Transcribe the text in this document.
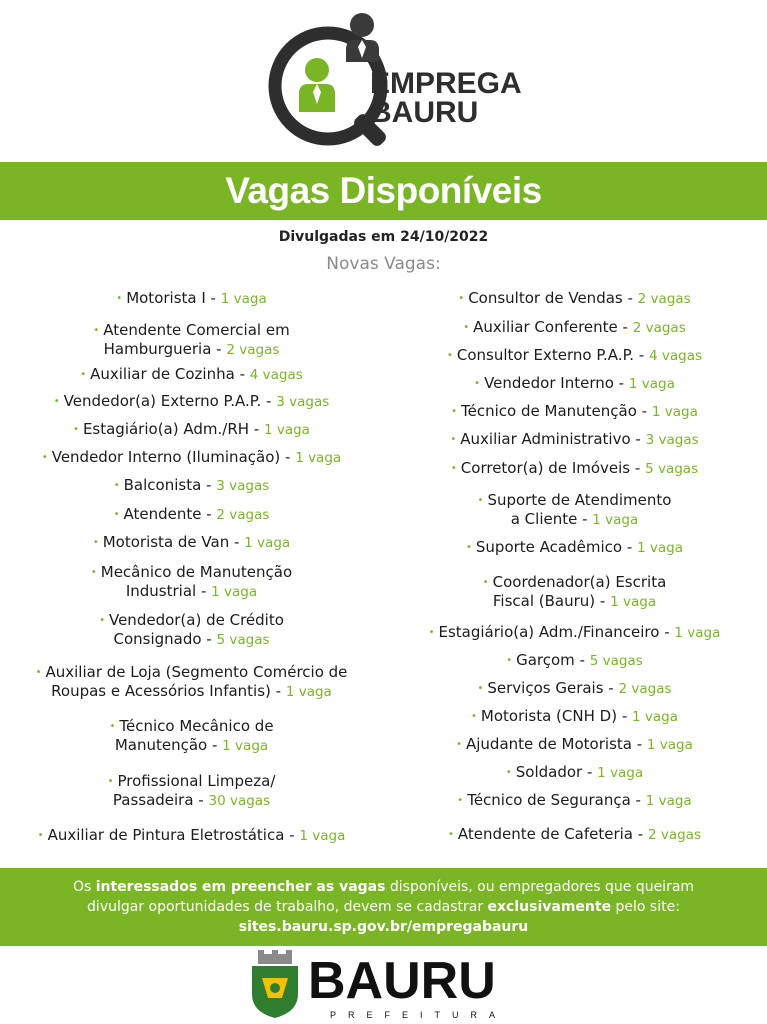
EMPREGA
BAURU
Vagas Disponíveis
Divulgadas em 24/10/2022
Novas Vagas:
• Motorista I - 1 vaga
• Atendente Comercial em
Hamburgueria - 2 vagas
• Auxiliar de Cozinha - 4 vagas
• Vendedor(a) Externo P.A.P. - 3 vagas
• Estagiário(a) Adm./RH - 1 vaga
• Vendedor Interno (Iluminação) - 1 vaga
• Balconista - 3 vagas
• Atendente - 2 vagas
• Motorista de Van - 1 vaga
• Mecânico de Manutenção
Industrial - 1 vaga
• Vendedor(a) de Crédito
Consignado - 5 vagas
• Auxiliar de Loja (Segmento Comércio de
Roupas e Acessórios Infantis) - 1 vaga
• Técnico Mecânico de
Manutenção - 1 vaga
• Profissional Limpeza/
Passadeira - 30 vagas
• Auxiliar de Pintura Eletrostática - 1 vaga
• Consultor de Vendas - 2 vagas
• Auxiliar Conferente - 2 vagas
• Consultor Externo P.A.P. - 4 vagas
• Vendedor Interno - 1 vaga
• Técnico de Manutenção - 1 vaga
• Auxiliar Administrativo - 3 vagas
• Corretor(a) de Imóveis - 5 vagas
• Suporte de Atendimento
a Cliente - 1 vaga
• Suporte Acadêmico - 1 vaga
• Coordenador(a) Escrita
Fiscal (Bauru) - 1 vaga
• Estagiário(a) Adm./Financeiro - 1 vaga
• Garçom - 5 vagas
• Serviços Gerais - 2 vagas
• Motorista (CNH D) - 1 vaga
• Ajudante de Motorista - 1 vaga
• Soldador - 1 vaga
• Técnico de Segurança - 1 vaga
• Atendente de Cafeteria - 2 vagas
Os interessados em preencher as vagas disponíveis, ou empregadores que queiram
divulgar oportunidades de trabalho, devem se cadastrar exclusivamente pelo site:
sites.bauru.sp.gov.br/empregabauru
BAURU
PREFEITURA
